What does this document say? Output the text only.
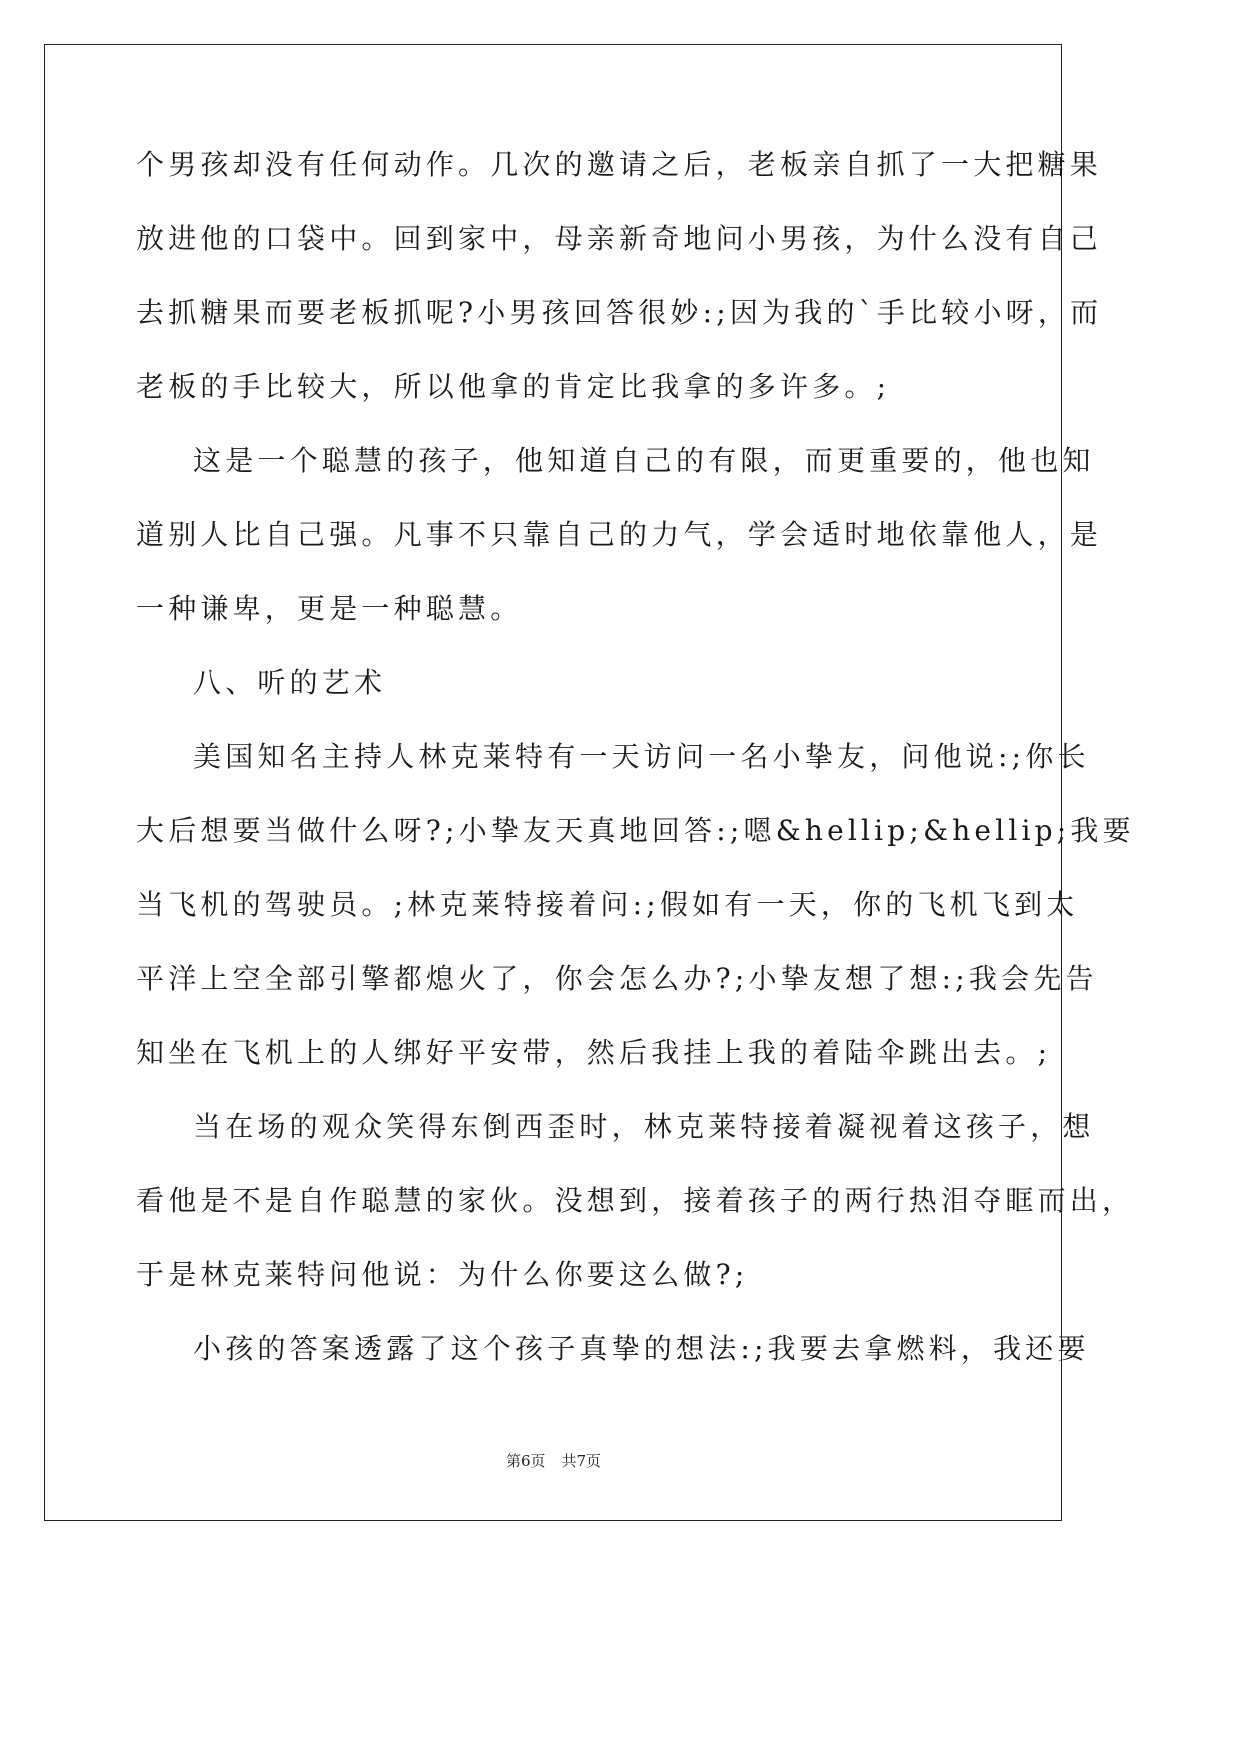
个男孩却没有任何动作。几次的邀请之后，老板亲自抓了一大把糖果
放进他的口袋中。回到家中，母亲新奇地问小男孩，为什么没有自己
去抓糖果而要老板抓呢?小男孩回答很妙:;因为我的`手比较小呀，而
老板的手比较大，所以他拿的肯定比我拿的多许多。;
这是一个聪慧的孩子，他知道自己的有限，而更重要的，他也知
道别人比自己强。凡事不只靠自己的力气，学会适时地依靠他人，是
一种谦卑，更是一种聪慧。
八、听的艺术
美国知名主持人林克莱特有一天访问一名小挚友，问他说:;你长
大后想要当做什么呀?;小挚友天真地回答:;嗯&hellip;&hellip;我要
当飞机的驾驶员。;林克莱特接着问:;假如有一天，你的飞机飞到太
平洋上空全部引擎都熄火了，你会怎么办?;小挚友想了想:;我会先告
知坐在飞机上的人绑好平安带，然后我挂上我的着陆伞跳出去。;
当在场的观众笑得东倒西歪时，林克莱特接着凝视着这孩子，想
看他是不是自作聪慧的家伙。没想到，接着孩子的两行热泪夺眶而出，
于是林克莱特问他说：为什么你要这么做?;
小孩的答案透露了这个孩子真挚的想法:;我要去拿燃料，我还要
第6页 共7页
